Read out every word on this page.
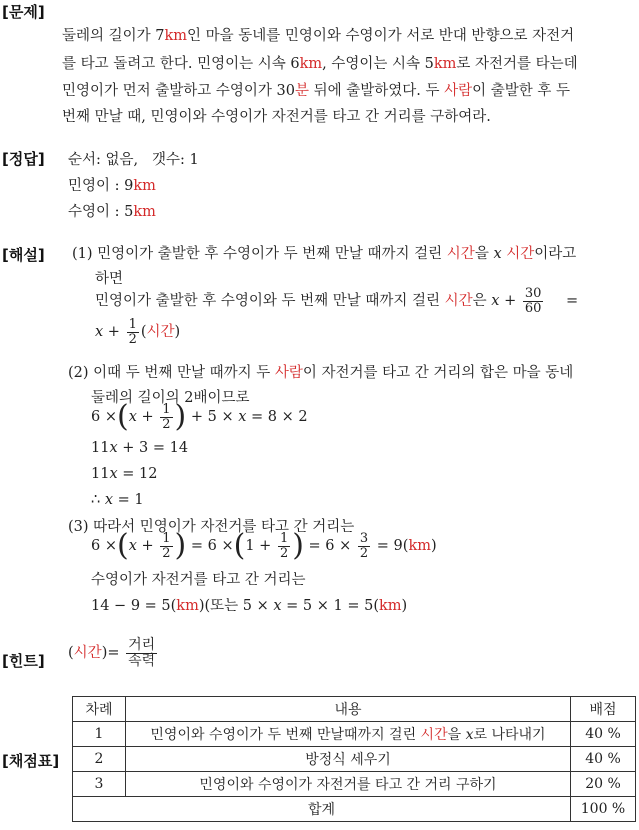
[문제]
둘레의 길이가 7km인 마을 동네를 민영이와 수영이가 서로 반대 반향으로 자전거
를 타고 돌려고 한다. 민영이는 시속 6km, 수영이는 시속 5km로 자전거를 타는데
민영이가 먼저 출발하고 수영이가 30분 뒤에 출발하였다. 두 사람이 출발한 후 두
번째 만날 때, 민영이와 수영이가 자전거를 타고 간 거리를 구하여라.
[정답] 순서: 없음, 갯수: 1
민영이 : 9km
수영이 : 5km
[해설] (1) 민영이가 출발한 후 수영이가 두 번째 만날 때까지 걸린 시간을 x 시간이라고
하면
민영이가 출발한 후 수영이와 두 번째 만날 때까지 걸린 시간은 $x + \frac{30}{60}$ =
$x + \frac{1}{2}$ (시간)
(2) 이때 두 번째 만날 때까지 두 사람이 자전거를 타고 간 거리의 합은 마을 동네
둘레의 길이의 2배이므로
$6 \times(x + \frac{1}{2}$ ) + 5 × x = 8 × 2
11x + 3 = 14
11x = 12
∴ x = 1
(3) 따라서 민영이가 자전거를 타고 간 거리는
$6 \times(x + \frac{1}{2}$ ) = $6 \times(1 + \frac{1}{2}$ ) = $6 \times \frac{3}{2} = 9(km)$
수영이가 자전거를 타고 간 거리는
14 − 9 = 5(km)(또는 5 × x = 5 × 1 = 5(km)
[힌트] (시간)= $\frac{\text{거리}}{\text{속력}}$
[채점표]
차례	내용	배점
1	민영이와 수영이가 두 번째 만날때까지 걸린 시간을 x로 나타내기	40 %
2	방정식 세우기	40 %
3	민영이와 수영이가 자전거를 타고 간 거리 구하기	20 %
합계		100 %
